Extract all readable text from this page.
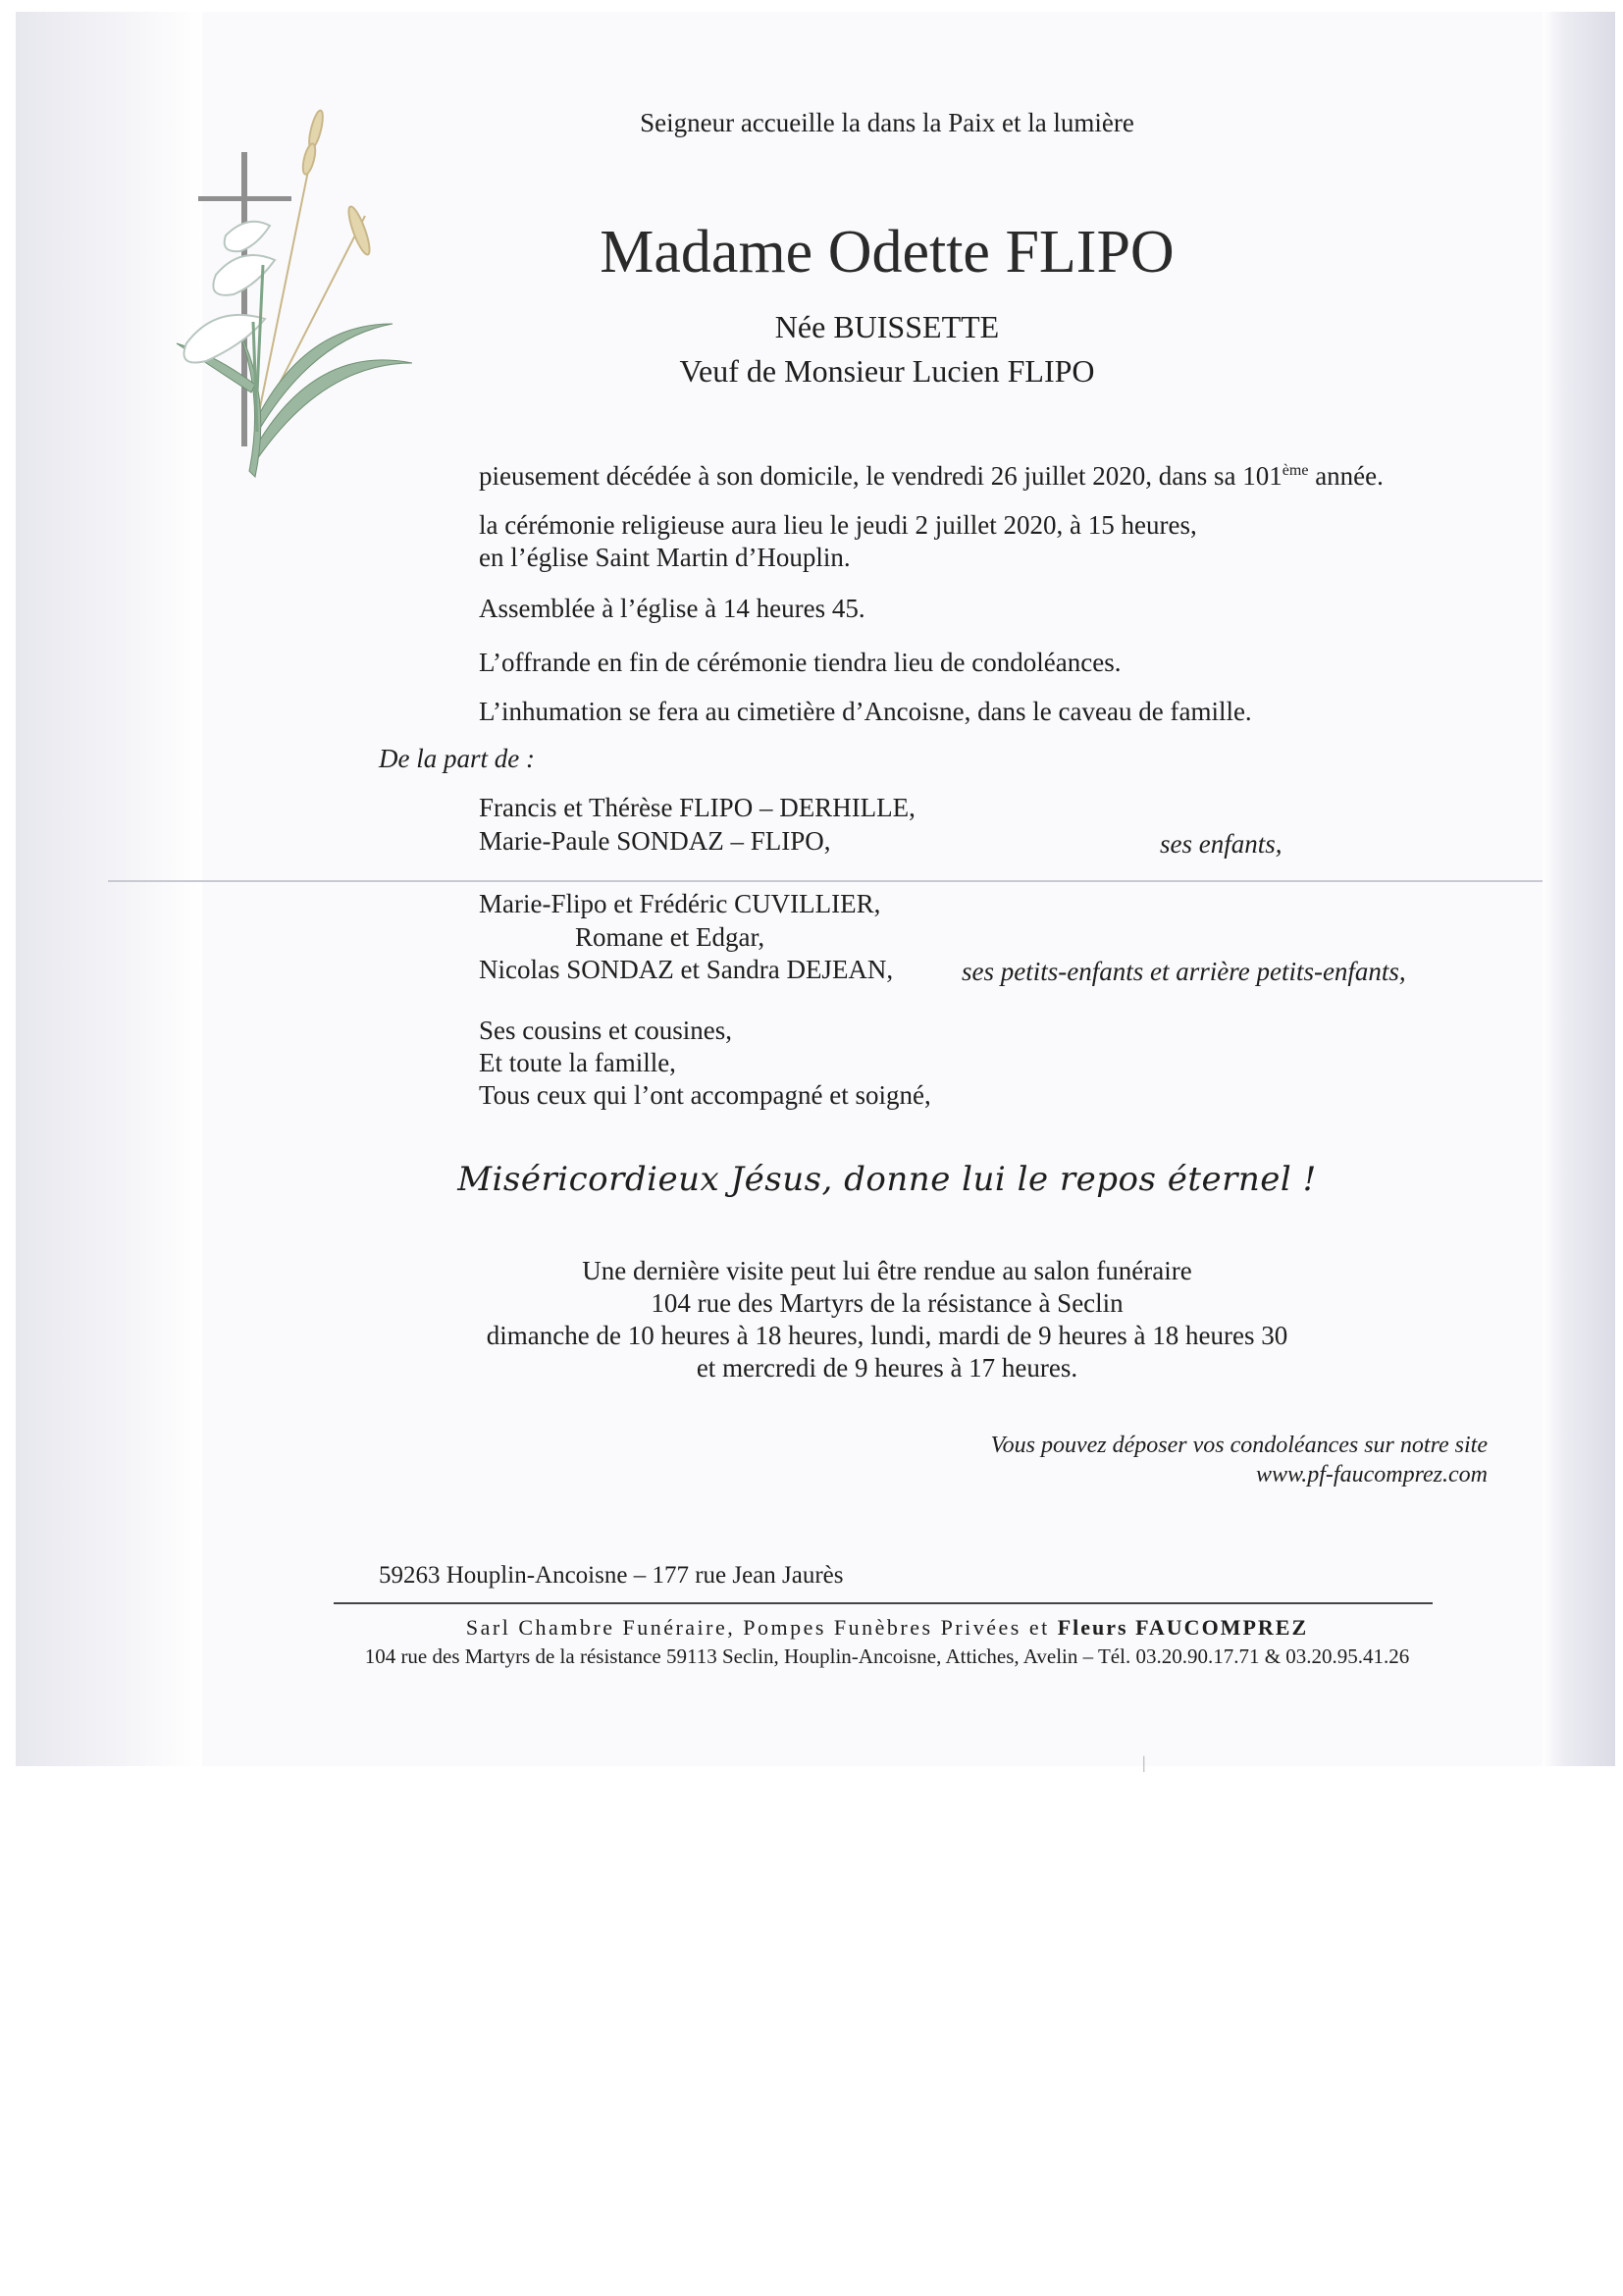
Seigneur accueille la dans la Paix et la lumière
Madame Odette FLIPO
Née BUISSETTE
Veuf de Monsieur Lucien FLIPO
pieusement décédée à son domicile, le vendredi 26 juillet 2020, dans sa 101ème année.
la cérémonie religieuse aura lieu le jeudi 2 juillet 2020, à 15 heures,
en l’église Saint Martin d’Houplin.
Assemblée à l’église à 14 heures 45.
L’offrande en fin de cérémonie tiendra lieu de condoléances.
L’inhumation se fera au cimetière d’Ancoisne, dans le caveau de famille.
De la part de :
Francis et Thérèse FLIPO – DERHILLE,
Marie-Paule SONDAZ – FLIPO,	ses enfants,
Marie-Flipo et Frédéric CUVILLIER,
Romane et Edgar,
Nicolas SONDAZ et Sandra DEJEAN,	ses petits-enfants et arrière petits-enfants,
Ses cousins et cousines,
Et toute la famille,
Tous ceux qui l’ont accompagné et soigné,
Miséricordieux Jésus, donne lui le repos éternel !
Une dernière visite peut lui être rendue au salon funéraire
104 rue des Martyrs de la résistance à Seclin
dimanche de 10 heures à 18 heures, lundi, mardi de 9 heures à 18 heures 30
et mercredi de 9 heures à 17 heures.
Vous pouvez déposer vos condoléances sur notre site
www.pf-faucomprez.com
59263 Houplin-Ancoisne – 177 rue Jean Jaurès
Sarl Chambre Funéraire, Pompes Funèbres Privées et Fleurs FAUCOMPREZ
104 rue des Martyrs de la résistance 59113 Seclin, Houplin-Ancoisne, Attiches, Avelin – Tél. 03.20.90.17.71 & 03.20.95.41.26
|
